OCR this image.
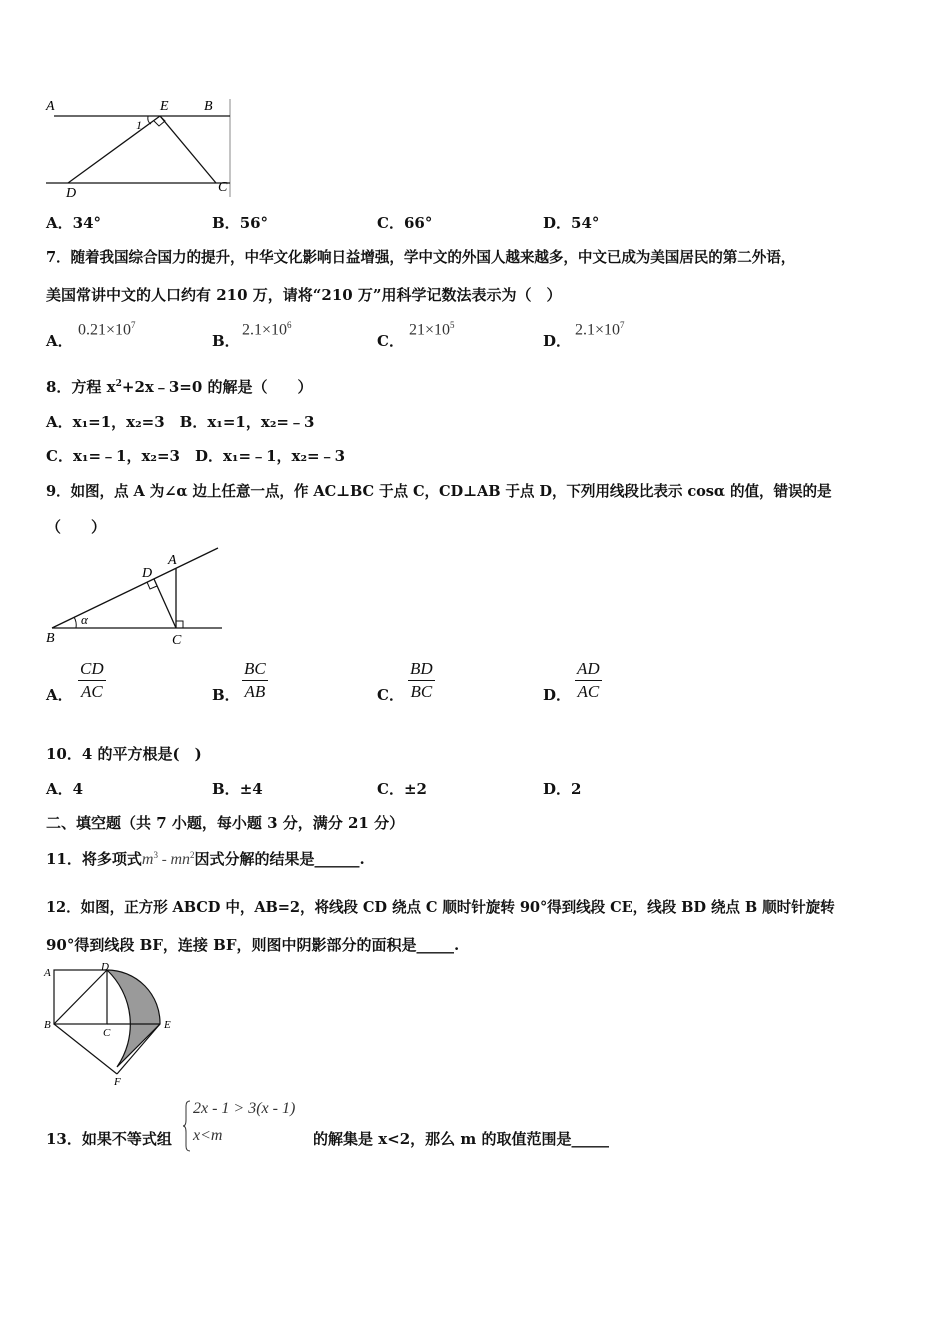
A	E	B
1
D	C
A．34°	B．56°	C．66°	D．54°
7．随着我国综合国力的提升，中华文化影响日益增强，学中文的外国人越来越多，中文已成为美国居民的第二外语，
美国常讲中文的人口约有 210 万，请将“210 万”用科学记数法表示为（　）
A．
$0.21\times 10^7$
B．
$2.1\times 10^6$
C．
$21\times 10^5$
D．
$2.1\times 10^7$
8．方程 $x^2+2x﹣3=0$ 的解是（　　）
A．x₁=1，x₂=3　B．x₁=1，x₂=﹣3
C．x₁=﹣1，x₂=3　D．x₁=﹣1，x₂=﹣3
9．如图，点 A 为∠α 边上任意一点，作 AC⊥BC 于点 C，CD⊥AB 于点 D，下列用线段比表示 cosα 的值，错误的是
（　　）
D
A
α
B	C
A． $\frac{CD}{AC}$	B． $\frac{BC}{AB}$	C． $\frac{BD}{BC}$	D． $\frac{AD}{AC}$
10．4 的平方根是(　)
A．4	B．±4	C．±2	D．2
二、填空题（共 7 小题，每小题 3 分，满分 21 分）
11．将多项式$m^3 - mn^2$因式分解的结果是______.
12．如图，正方形 ABCD 中，AB=2，将线段 CD 绕点 C 顺时针旋转 90°得到线段 CE，线段 BD 绕点 B 顺时针旋转
90°得到线段 BF，连接 BF，则图中阴影部分的面积是_____.
A	D
B
C
E
F
13．如果不等式组
2x - 1 > 3(x - 1)
x<m	的解集是 x<2，那么 m 的取值范围是_____
